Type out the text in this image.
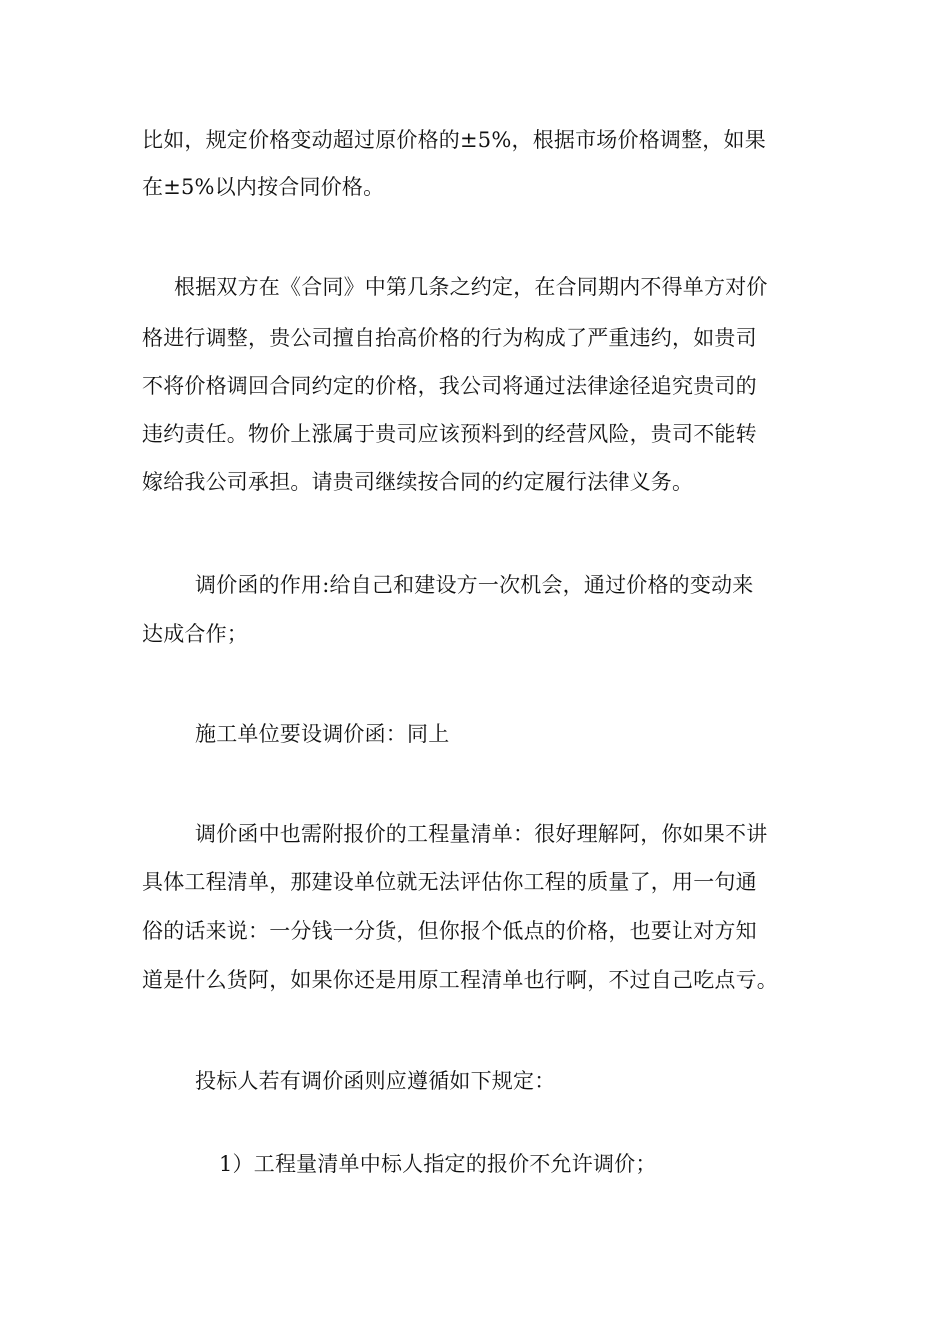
比如，规定价格变动超过原价格的±5%，根据市场价格调整，如果
在±5%以内按合同价格。
根据双方在《合同》中第几条之约定，在合同期内不得单方对价
格进行调整，贵公司擅自抬高价格的行为构成了严重违约，如贵司
不将价格调回合同约定的价格，我公司将通过法律途径追究贵司的
违约责任。物价上涨属于贵司应该预料到的经营风险，贵司不能转
嫁给我公司承担。请贵司继续按合同的约定履行法律义务。
调价函的作用:给自己和建设方一次机会，通过价格的变动来
达成合作；
施工单位要设调价函：同上
调价函中也需附报价的工程量清单：很好理解阿，你如果不讲
具体工程清单，那建设单位就无法评估你工程的质量了，用一句通
俗的话来说：一分钱一分货，但你报个低点的价格，也要让对方知
道是什么货阿，如果你还是用原工程清单也行啊，不过自己吃点亏。
投标人若有调价函则应遵循如下规定：
1）工程量清单中标人指定的报价不允许调价；
